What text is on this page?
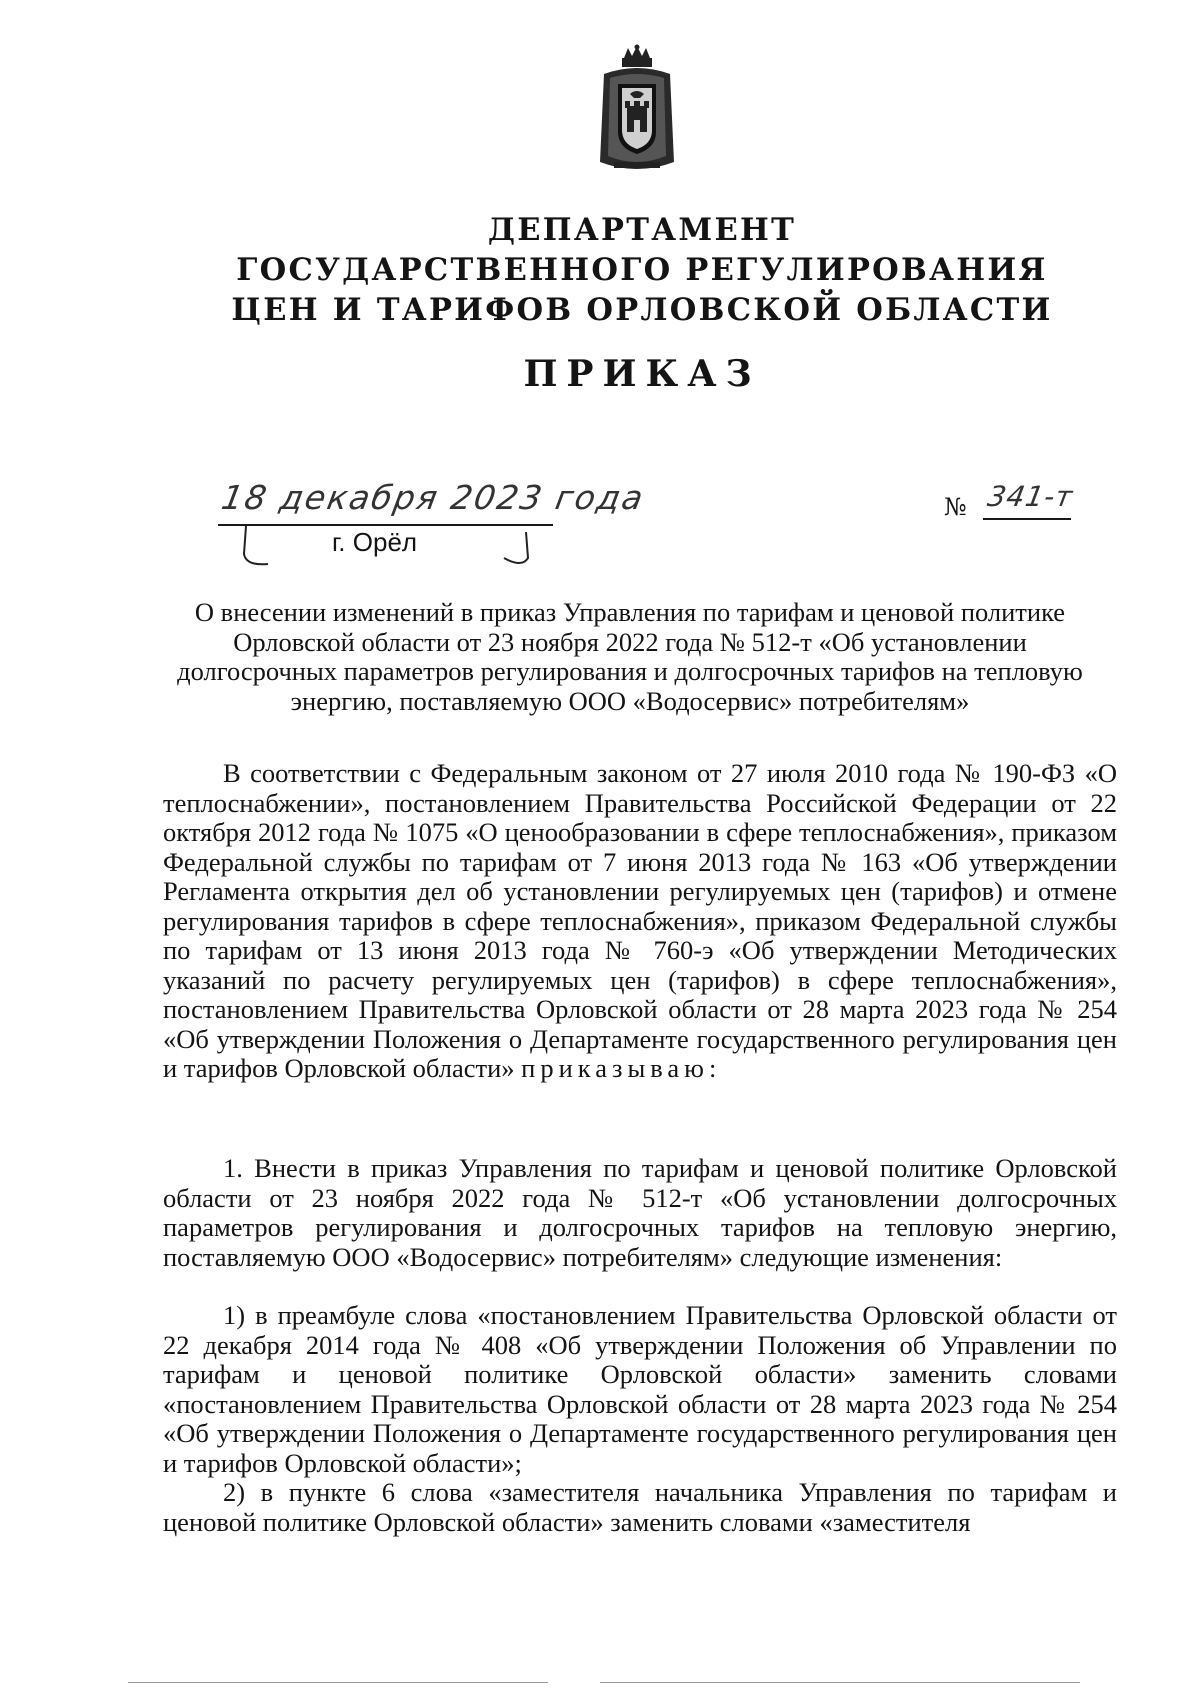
ДЕПАРТАМЕНТ
ГОСУДАРСТВЕННОГО РЕГУЛИРОВАНИЯ
ЦЕН И ТАРИФОВ ОРЛОВСКОЙ ОБЛАСТИ
ПРИКАЗ
18 декабря 2023 года
г. Орёл
№ 341-т

О внесении изменений в приказ Управления по тарифам и ценовой политике Орловской области от 23 ноября 2022 года № 512-т «Об установлении долгосрочных параметров регулирования и долгосрочных тарифов на тепловую энергию, поставляемую ООО «Водосервис» потребителям»

В соответствии с Федеральным законом от 27 июля 2010 года № 190-ФЗ «О теплоснабжении», постановлением Правительства Российской Федерации от 22 октября 2012 года № 1075 «О ценообразовании в сфере теплоснабжения», приказом Федеральной службы по тарифам от 7 июня 2013 года № 163 «Об утверждении Регламента открытия дел об установлении регулируемых цен (тарифов) и отмене регулирования тарифов в сфере теплоснабжения», приказом Федеральной службы по тарифам от 13 июня 2013 года № 760-э «Об утверждении Методических указаний по расчету регулируемых цен (тарифов) в сфере теплоснабжения», постановлением Правительства Орловской области от 28 марта 2023 года № 254 «Об утверждении Положения о Департаменте государственного регулирования цен и тарифов Орловской области» приказываю:

1. Внести в приказ Управления по тарифам и ценовой политике Орловской области от 23 ноября 2022 года № 512-т «Об установлении долгосрочных параметров регулирования и долгосрочных тарифов на тепловую энергию, поставляемую ООО «Водосервис» потребителям» следующие изменения:

1) в преамбуле слова «постановлением Правительства Орловской области от 22 декабря 2014 года № 408 «Об утверждении Положения об Управлении по тарифам и ценовой политике Орловской области» заменить словами «постановлением Правительства Орловской области от 28 марта 2023 года № 254 «Об утверждении Положения о Департаменте государственного регулирования цен и тарифов Орловской области»;

2) в пункте 6 слова «заместителя начальника Управления по тарифам и ценовой политике Орловской области» заменить словами «заместителя
